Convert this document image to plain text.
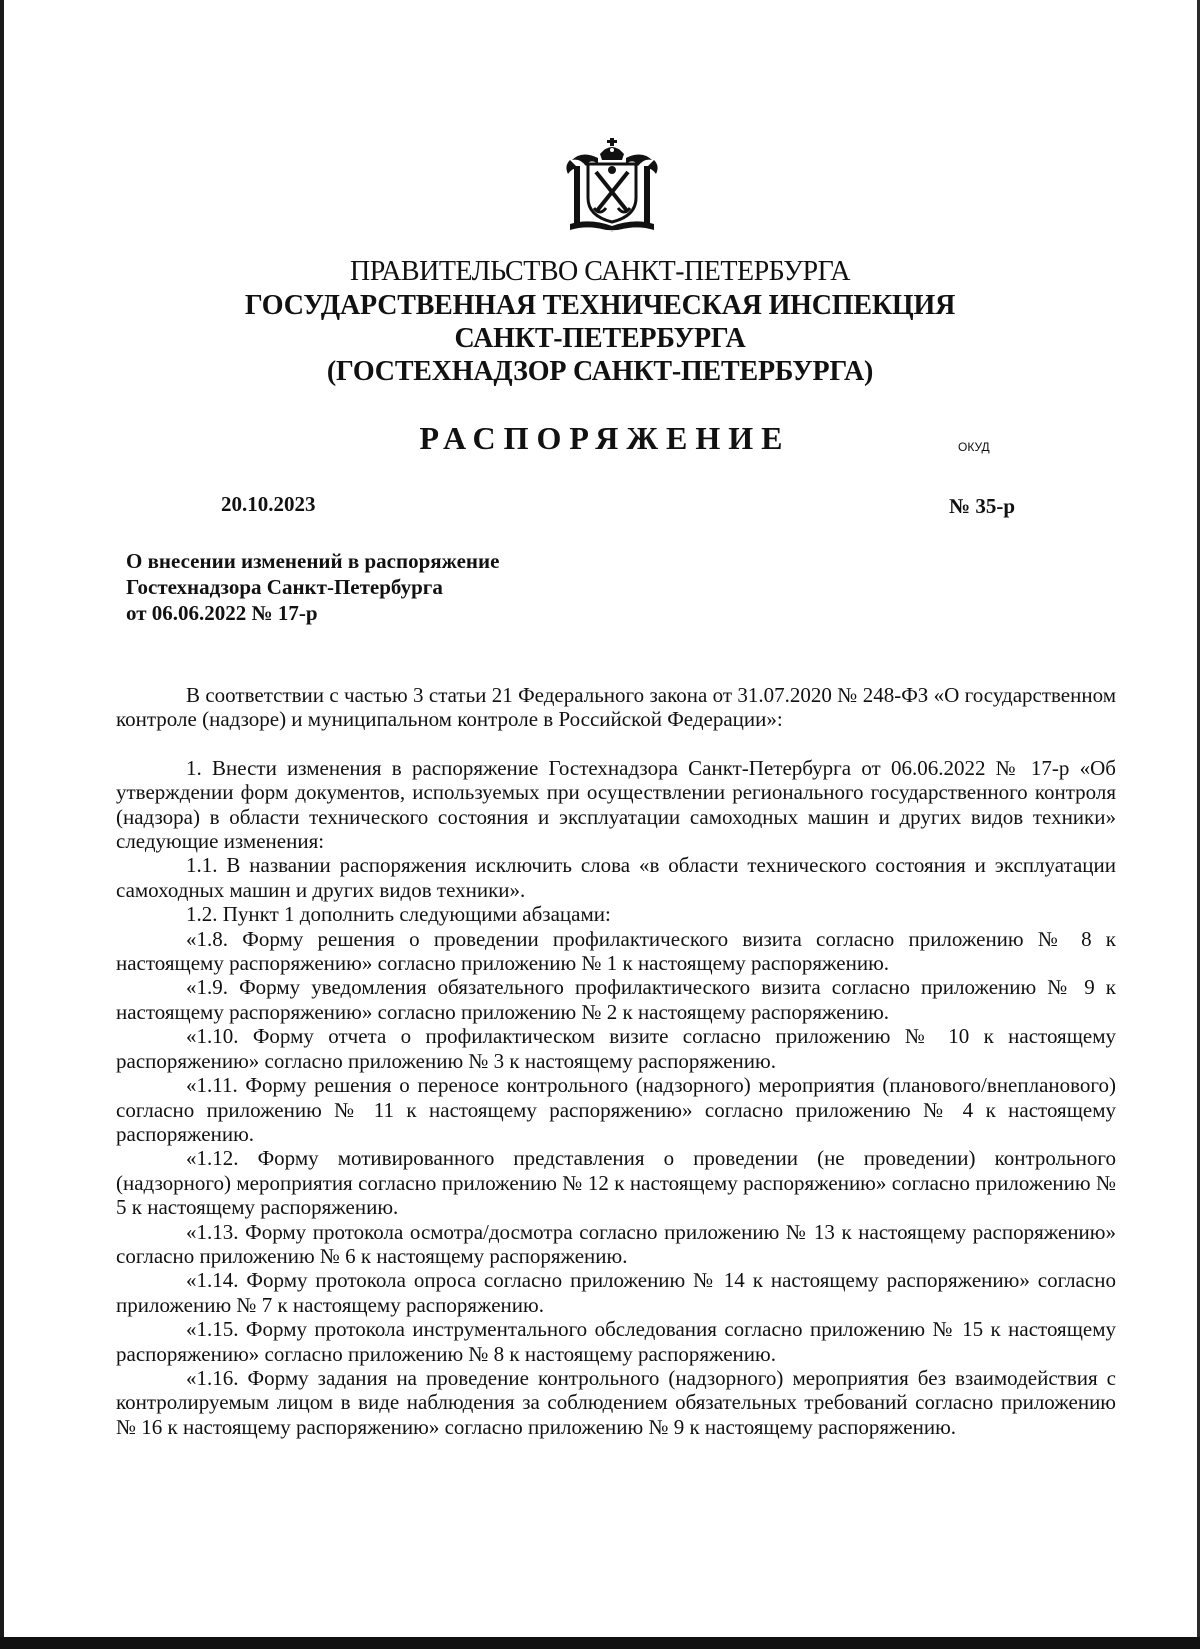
ПРАВИТЕЛЬСТВО САНКТ-ПЕТЕРБУРГА
ГОСУДАРСТВЕННАЯ ТЕХНИЧЕСКАЯ ИНСПЕКЦИЯ
САНКТ-ПЕТЕРБУРГА
(ГОСТЕХНАДЗОР САНКТ-ПЕТЕРБУРГА)
РАСПОРЯЖЕНИЕ	ОКУД
20.10.2023	№ 35-р
О внесении изменений в распоряжение
Гостехнадзора Санкт-Петербурга
от 06.06.2022 № 17-р

В соответствии с частью 3 статьи 21 Федерального закона от 31.07.2020 № 248-ФЗ «О государственном контроле (надзоре) и муниципальном контроле в Российской Федерации»:

1. Внести изменения в распоряжение Гостехнадзора Санкт-Петербурга от 06.06.2022 № 17-р «Об утверждении форм документов, используемых при осуществлении регионального государственного контроля (надзора) в области технического состояния и эксплуатации самоходных машин и других видов техники» следующие изменения:

1.1. В названии распоряжения исключить слова «в области технического состояния и эксплуатации самоходных машин и других видов техники».

1.2. Пункт 1 дополнить следующими абзацами:

«1.8. Форму решения о проведении профилактического визита согласно приложению № 8 к настоящему распоряжению» согласно приложению № 1 к настоящему распоряжению.

«1.9. Форму уведомления обязательного профилактического визита согласно приложению № 9 к настоящему распоряжению» согласно приложению № 2 к настоящему распоряжению.

«1.10. Форму отчета о профилактическом визите согласно приложению № 10 к настоящему распоряжению» согласно приложению № 3 к настоящему распоряжению.

«1.11. Форму решения о переносе контрольного (надзорного) мероприятия (планового/внепланового) согласно приложению № 11 к настоящему распоряжению» согласно приложению № 4 к настоящему распоряжению.

«1.12. Форму мотивированного представления о проведении (не проведении) контрольного (надзорного) мероприятия согласно приложению № 12 к настоящему распоряжению» согласно приложению № 5 к настоящему распоряжению.

«1.13. Форму протокола осмотра/досмотра согласно приложению № 13 к настоящему распоряжению» согласно приложению № 6 к настоящему распоряжению.

«1.14. Форму протокола опроса согласно приложению № 14 к настоящему распоряжению» согласно приложению № 7 к настоящему распоряжению.

«1.15. Форму протокола инструментального обследования согласно приложению № 15 к настоящему распоряжению» согласно приложению № 8 к настоящему распоряжению.

«1.16. Форму задания на проведение контрольного (надзорного) мероприятия без взаимодействия с контролируемым лицом в виде наблюдения за соблюдением обязательных требований согласно приложению № 16 к настоящему распоряжению» согласно приложению № 9 к настоящему распоряжению.
